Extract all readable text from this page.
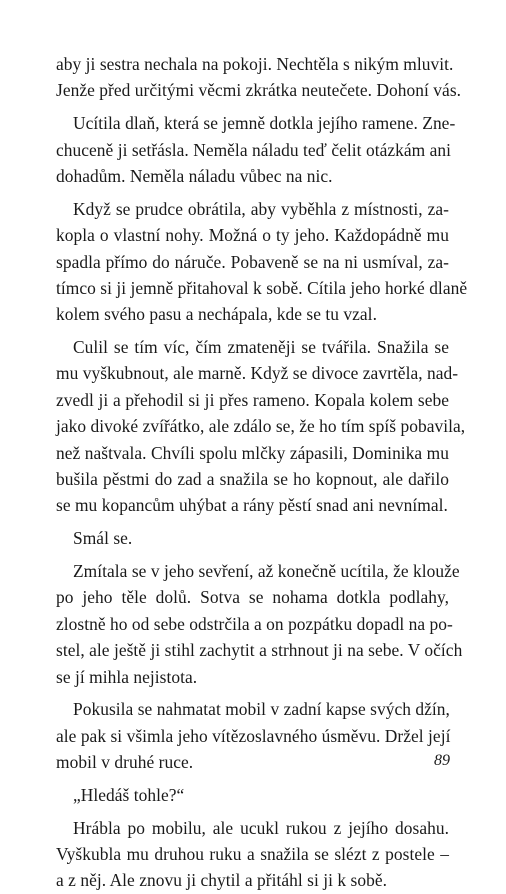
aby ji sestra nechala na pokoji. Nechtěla s nikým mluvit.
Jenže před určitými věcmi zkrátka neutečete. Dohoní vás.
Ucítila dlaň, která se jemně dotkla jejího ramene. Zne-
chuceně ji setřásla. Neměla náladu teď čelit otázkám ani
dohadům. Neměla náladu vůbec na nic.
Když se prudce obrátila, aby vyběhla z místnosti, za-
kopla o vlastní nohy. Možná o ty jeho. Každopádně mu
spadla přímo do náruče. Pobaveně se na ni usmíval, za-
tímco si ji jemně přitahoval k sobě. Cítila jeho horké dlaně
kolem svého pasu a nechápala, kde se tu vzal.
Culil se tím víc, čím zmateněji se tvářila. Snažila se
mu vyškubnout, ale marně. Když se divoce zavrtěla, nad-
zvedl ji a přehodil si ji přes rameno. Kopala kolem sebe
jako divoké zvířátko, ale zdálo se, že ho tím spíš pobavila,
než naštvala. Chvíli spolu mlčky zápasili, Dominika mu
bušila pěstmi do zad a snažila se ho kopnout, ale dařilo
se mu kopancům uhýbat a rány pěstí snad ani nevnímal.
Smál se.
Zmítala se v jeho sevření, až konečně ucítila, že klouže
po jeho těle dolů. Sotva se nohama dotkla podlahy,
zlostně ho od sebe odstrčila a on pozpátku dopadl na po-
stel, ale ještě ji stihl zachytit a strhnout ji na sebe. V očích
se jí mihla nejistota.
Pokusila se nahmatat mobil v zadní kapse svých džín,
ale pak si všimla jeho vítězoslavného úsměvu. Držel její
mobil v druhé ruce.
„Hledáš tohle?“
Hrábla po mobilu, ale ucukl rukou z jejího dosahu.
Vyškubla mu druhou ruku a snažila se slézt z postele –
a z něj. Ale znovu ji chytil a přitáhl si ji k sobě.
89
